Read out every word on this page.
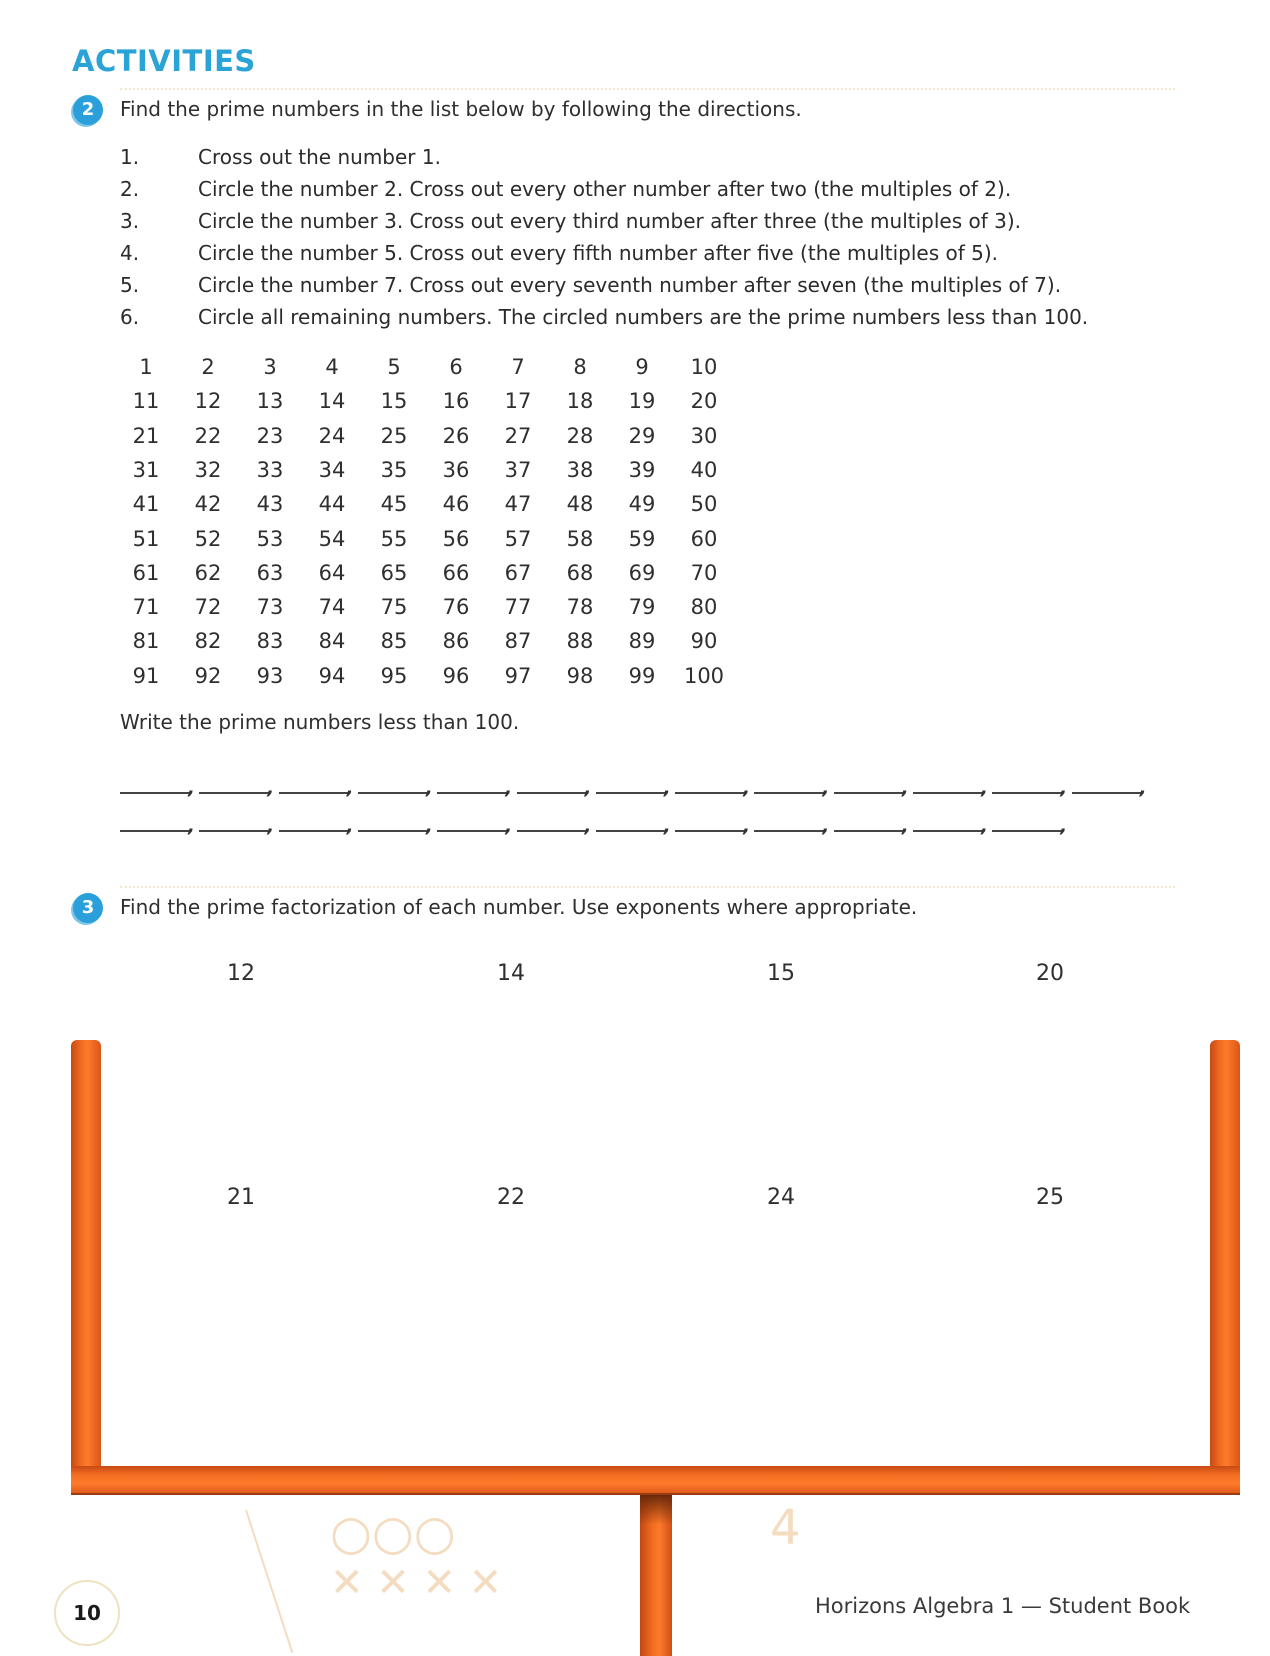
ACTIVITIES
2	Find the prime numbers in the list below by following the directions.
1.	Cross out the number 1.
2.	Circle the number 2. Cross out every other number after two (the multiples of 2).
3.	Circle the number 3. Cross out every third number after three (the multiples of 3).
4.	Circle the number 5. Cross out every fifth number after five (the multiples of 5).
5.	Circle the number 7. Cross out every seventh number after seven (the multiples of 7).
6.	Circle all remaining numbers. The circled numbers are the prime numbers less than 100.
1	2	3	4	5	6	7	8	9	10
11	12	13	14	15	16	17	18	19	20
21	22	23	24	25	26	27	28	29	30
31	32	33	34	35	36	37	38	39	40
41	42	43	44	45	46	47	48	49	50
51	52	53	54	55	56	57	58	59	60
61	62	63	64	65	66	67	68	69	70
71	72	73	74	75	76	77	78	79	80
81	82	83	84	85	86	87	88	89	90
91	92	93	94	95	96	97	98	99	100
Write the prime numbers less than 100.
,	,	,	,	,	,	,	,	,	,	,	,	,
,	,	,	,	,	,	,	,	,	,	,	,
3	Find the prime factorization of each number. Use exponents where appropriate.
12	14	15	20
21	22	24	25
○○○
✕ ✕ ✕ ✕
4
10	Horizons Algebra 1 — Student Book
